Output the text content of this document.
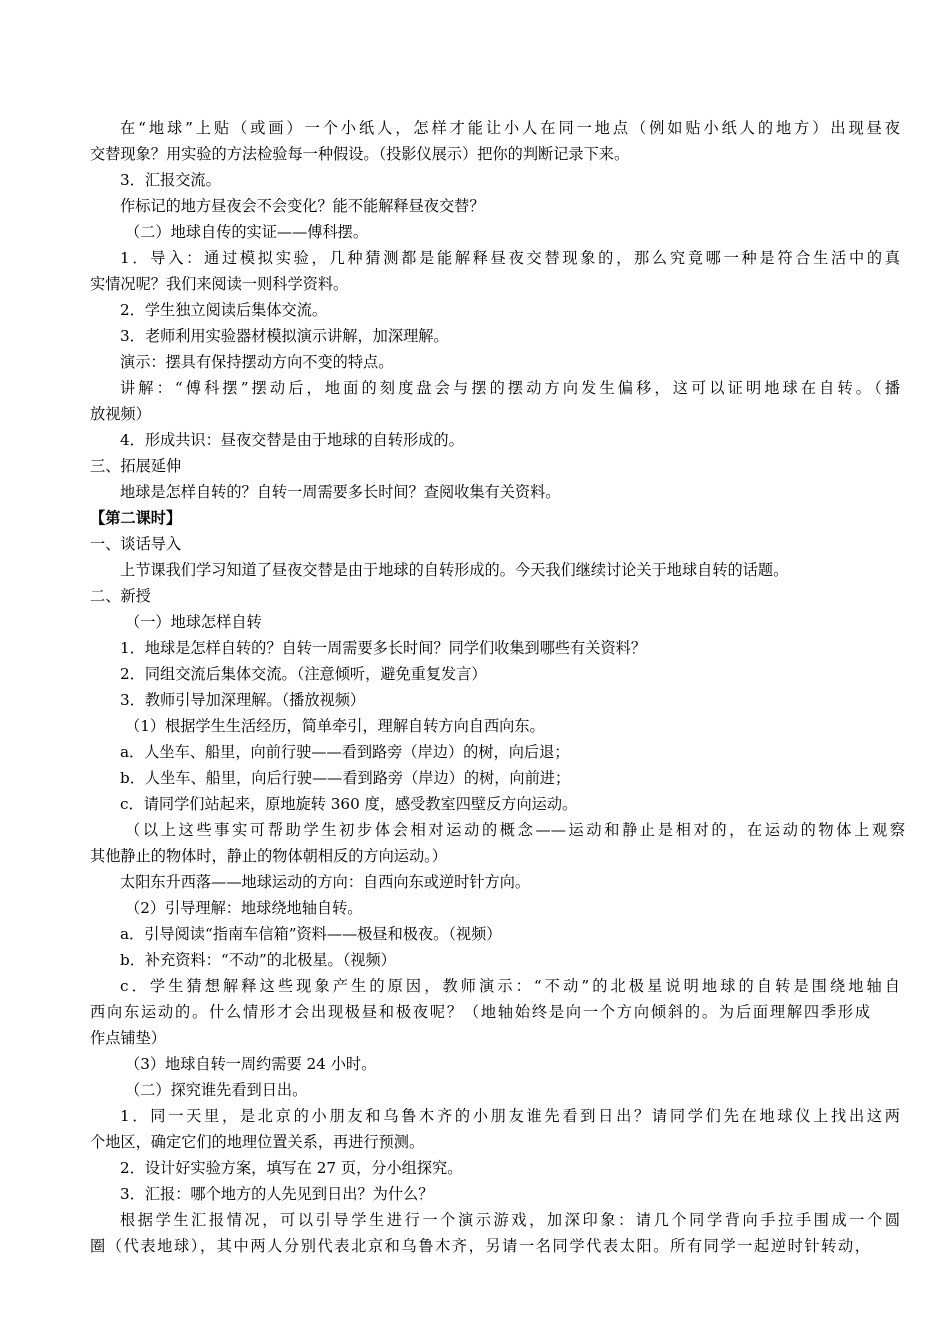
在“地球”上贴（或画）一个小纸人，怎样才能让小人在同一地点（例如贴小纸人的地方）出现昼夜
交替现象？用实验的方法检验每一种假设。（投影仪展示）把你的判断记录下来。
3．汇报交流。
作标记的地方昼夜会不会变化？能不能解释昼夜交替？
（二）地球自传的实证——傅科摆。
1．导入：通过模拟实验，几种猜测都是能解释昼夜交替现象的，那么究竟哪一种是符合生活中的真
实情况呢？我们来阅读一则科学资料。
2．学生独立阅读后集体交流。
3．老师利用实验器材模拟演示讲解，加深理解。
演示：摆具有保持摆动方向不变的特点。
讲解：“傅科摆”摆动后，地面的刻度盘会与摆的摆动方向发生偏移，这可以证明地球在自转。（播
放视频）
4．形成共识：昼夜交替是由于地球的自转形成的。
三、拓展延伸
地球是怎样自转的？自转一周需要多长时间？查阅收集有关资料。
【第二课时】
一、谈话导入
上节课我们学习知道了昼夜交替是由于地球的自转形成的。今天我们继续讨论关于地球自转的话题。
二、新授
（一）地球怎样自转
1．地球是怎样自转的？自转一周需要多长时间？同学们收集到哪些有关资料？
2．同组交流后集体交流。（注意倾听，避免重复发言）
3．教师引导加深理解。（播放视频）
（1）根据学生生活经历，简单牵引，理解自转方向自西向东。
a．人坐车、船里，向前行驶——看到路旁（岸边）的树，向后退；
b．人坐车、船里，向后行驶——看到路旁（岸边）的树，向前进；
c．请同学们站起来，原地旋转 360 度，感受教室四壁反方向运动。
（以上这些事实可帮助学生初步体会相对运动的概念——运动和静止是相对的，在运动的物体上观察
其他静止的物体时，静止的物体朝相反的方向运动。）
太阳东升西落——地球运动的方向：自西向东或逆时针方向。
（2）引导理解：地球绕地轴自转。
a．引导阅读“指南车信箱”资料——极昼和极夜。（视频）
b．补充资料：“不动”的北极星。（视频）
c．学生猜想解释这些现象产生的原因，教师演示：“不动”的北极星说明地球的自转是围绕地轴自
西向东运动的。什么情形才会出现极昼和极夜呢？（地轴始终是向一个方向倾斜的。为后面理解四季形成
作点铺垫）
（3）地球自转一周约需要 24 小时。
（二）探究谁先看到日出。
1．同一天里，是北京的小朋友和乌鲁木齐的小朋友谁先看到日出？请同学们先在地球仪上找出这两
个地区，确定它们的地理位置关系，再进行预测。
2．设计好实验方案，填写在 27 页，分小组探究。
3．汇报：哪个地方的人先见到日出？为什么？
根据学生汇报情况，可以引导学生进行一个演示游戏，加深印象：请几个同学背向手拉手围成一个圆
圈（代表地球），其中两人分别代表北京和乌鲁木齐，另请一名同学代表太阳。所有同学一起逆时针转动，
